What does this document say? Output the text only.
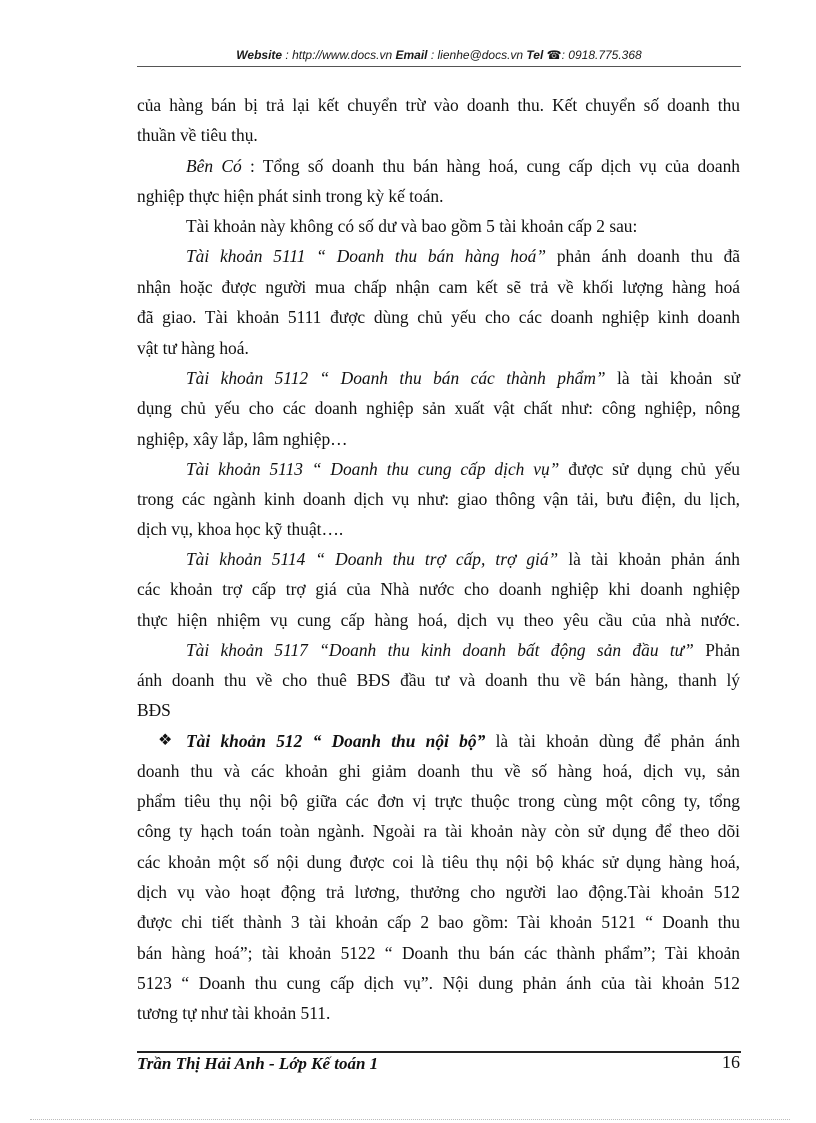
Website : http://www.docs.vn Email : lienhe@docs.vn Tel ☎: 0918.775.368
của hàng bán bị trả lại kết chuyển trừ vào doanh thu. Kết chuyển số doanh thu
thuần về tiêu thụ.
Bên Có : Tổng số doanh thu bán hàng hoá, cung cấp dịch vụ của doanh
nghiệp thực hiện phát sinh trong kỳ kế toán.
Tài khoản này không có số dư và bao gồm 5 tài khoản cấp 2 sau:
Tài khoản 5111 “ Doanh thu bán hàng hoá” phản ánh doanh thu đã
nhận hoặc được người mua chấp nhận cam kết sẽ trả về khối lượng hàng hoá
đã giao. Tài khoản 5111 được dùng chủ yếu cho các doanh nghiệp kinh doanh
vật tư hàng hoá.
Tài khoản 5112 “ Doanh thu bán các thành phẩm” là tài khoản sử
dụng chủ yếu cho các doanh nghiệp sản xuất vật chất như: công nghiệp, nông
nghiệp, xây lắp, lâm nghiệp…
Tài khoản 5113 “ Doanh thu cung cấp dịch vụ” được sử dụng chủ yếu
trong các ngành kinh doanh dịch vụ như: giao thông vận tải, bưu điện, du lịch,
dịch vụ, khoa học kỹ thuật….
Tài khoản 5114 “ Doanh thu trợ cấp, trợ giá” là tài khoản phản ánh
các khoản trợ cấp trợ giá của Nhà nước cho doanh nghiệp khi doanh nghiệp
thực hiện nhiệm vụ cung cấp hàng hoá, dịch vụ theo yêu cầu của nhà nước.
Tài khoản 5117 “Doanh thu kinh doanh bất động sản đầu tư” Phản
ánh doanh thu về cho thuê BĐS đầu tư và doanh thu về bán hàng, thanh lý
BĐS
❖ Tài khoản 512 “ Doanh thu nội bộ” là tài khoản dùng để phản ánh
doanh thu và các khoản ghi giảm doanh thu về số hàng hoá, dịch vụ, sản
phẩm tiêu thụ nội bộ giữa các đơn vị trực thuộc trong cùng một công ty, tổng
công ty hạch toán toàn ngành. Ngoài ra tài khoản này còn sử dụng để theo dõi
các khoản một số nội dung được coi là tiêu thụ nội bộ khác sử dụng hàng hoá,
dịch vụ vào hoạt động trả lương, thưởng cho người lao động.Tài khoản 512
được chi tiết thành 3 tài khoản cấp 2 bao gồm: Tài khoản 5121 “ Doanh thu
bán hàng hoá”; tài khoản 5122 “ Doanh thu bán các thành phẩm”; Tài khoản
5123 “ Doanh thu cung cấp dịch vụ”. Nội dung phản ánh của tài khoản 512
tương tự như tài khoản 511.
Trần Thị Hải Anh - Lớp Kế toán 1	16
